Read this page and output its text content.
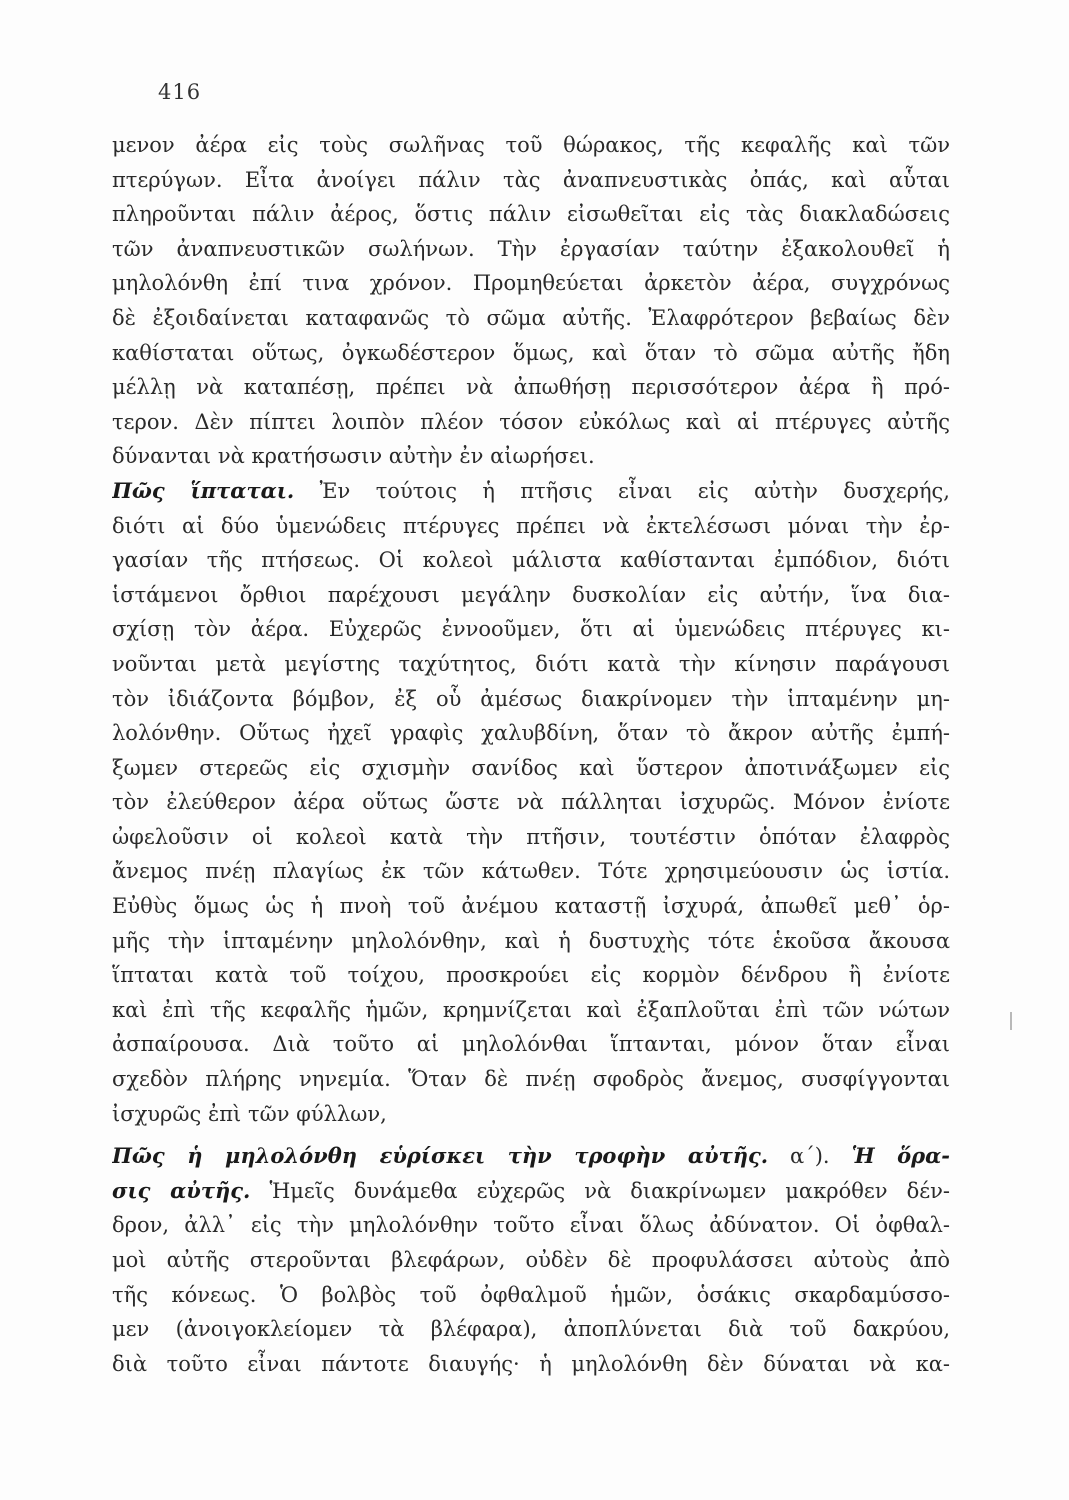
416
μενον ἀέρα εἰς τοὺς σωλῆνας τοῦ θώρακος, τῆς κεφαλῆς καὶ τῶν
πτερύγων. Εἶτα ἀνοίγει πάλιν τὰς ἀναπνευστικὰς ὀπάς, καὶ αὗται
πληροῦνται πάλιν ἀέρος, ὅστις πάλιν εἰσωθεῖται εἰς τὰς διακλαδώσεις
τῶν ἀναπνευστικῶν σωλήνων. Τὴν ἐργασίαν ταύτην ἐξακολουθεῖ ἡ
μηλολόνθη ἐπί τινα χρόνον. Προμηθεύεται ἀρκετὸν ἀέρα, συγχρόνως
δὲ ἐξοιδαίνεται καταφανῶς τὸ σῶμα αὐτῆς. Ἐλαφρότερον βεβαίως δὲν
καθίσταται οὕτως, ὀγκωδέστερον ὅμως, καὶ ὅταν τὸ σῶμα αὐτῆς ἤδη
μέλλῃ νὰ καταπέσῃ, πρέπει νὰ ἀπωθήσῃ περισσότερον ἀέρα ἢ πρό-
τερον. Δὲν πίπτει λοιπὸν πλέον τόσον εὐκόλως καὶ αἱ πτέρυγες αὐτῆς
δύνανται νὰ κρατήσωσιν αὐτὴν ἐν αἰωρήσει.
Πῶς ἵπταται. Ἐν τούτοις ἡ πτῆσις εἶναι εἰς αὐτὴν δυσχερής,
διότι αἱ δύο ὑμενώδεις πτέρυγες πρέπει νὰ ἐκτελέσωσι μόναι τὴν ἐρ-
γασίαν τῆς πτήσεως. Οἱ κολεοὶ μάλιστα καθίστανται ἐμπόδιον, διότι
ἱστάμενοι ὄρθιοι παρέχουσι μεγάλην δυσκολίαν εἰς αὐτήν, ἵνα δια-
σχίσῃ τὸν ἀέρα. Εὐχερῶς ἐννοοῦμεν, ὅτι αἱ ὑμενώδεις πτέρυγες κι-
νοῦνται μετὰ μεγίστης ταχύτητος, διότι κατὰ τὴν κίνησιν παράγουσι
τὸν ἰδιάζοντα βόμβον, ἐξ οὗ ἀμέσως διακρίνομεν τὴν ἱπταμένην μη-
λολόνθην. Οὕτως ἠχεῖ γραφὶς χαλυβδίνη, ὅταν τὸ ἄκρον αὐτῆς ἐμπή-
ξωμεν στερεῶς εἰς σχισμὴν σανίδος καὶ ὕστερον ἀποτινάξωμεν εἰς
τὸν ἐλεύθερον ἀέρα οὕτως ὥστε νὰ πάλληται ἰσχυρῶς. Μόνον ἐνίοτε
ὠφελοῦσιν οἱ κολεοὶ κατὰ τὴν πτῆσιν, τουτέστιν ὁπόταν ἐλαφρὸς
ἄνεμος πνέῃ πλαγίως ἐκ τῶν κάτωθεν. Τότε χρησιμεύουσιν ὡς ἱστία.
Εὐθὺς ὅμως ὡς ἡ πνοὴ τοῦ ἀνέμου καταστῇ ἰσχυρά, ἀπωθεῖ μεθ᾽ ὁρ-
μῆς τὴν ἱπταμένην μηλολόνθην, καὶ ἡ δυστυχὴς τότε ἑκοῦσα ἄκουσα
ἵπταται κατὰ τοῦ τοίχου, προσκρούει εἰς κορμὸν δένδρου ἢ ἐνίοτε
καὶ ἐπὶ τῆς κεφαλῆς ἡμῶν, κρημνίζεται καὶ ἐξαπλοῦται ἐπὶ τῶν νώτων
ἀσπαίρουσα. Διὰ τοῦτο αἱ μηλολόνθαι ἵπτανται, μόνον ὅταν εἶναι
σχεδὸν πλήρης νηνεμία. Ὅταν δὲ πνέῃ σφοδρὸς ἄνεμος, συσφίγγονται
ἰσχυρῶς ἐπὶ τῶν φύλλων,
Πῶς ἡ μηλολόνθη εὑρίσκει τὴν τροφὴν αὐτῆς. α´). Ἡ ὅρα-
σις αὐτῆς. Ἡμεῖς δυνάμεθα εὐχερῶς νὰ διακρίνωμεν μακρόθεν δέν-
δρον, ἀλλ᾽ εἰς τὴν μηλολόνθην τοῦτο εἶναι ὅλως ἀδύνατον. Οἱ ὀφθαλ-
μοὶ αὐτῆς στεροῦνται βλεφάρων, οὐδὲν δὲ προφυλάσσει αὐτοὺς ἀπὸ
τῆς κόνεως. Ὁ βολβὸς τοῦ ὀφθαλμοῦ ἡμῶν, ὁσάκις σκαρδαμύσσο-
μεν (ἀνοιγοκλείομεν τὰ βλέφαρα), ἀποπλύνεται διὰ τοῦ δακρύου,
διὰ τοῦτο εἶναι πάντοτε διαυγής· ἡ μηλολόνθη δὲν δύναται νὰ κα-
